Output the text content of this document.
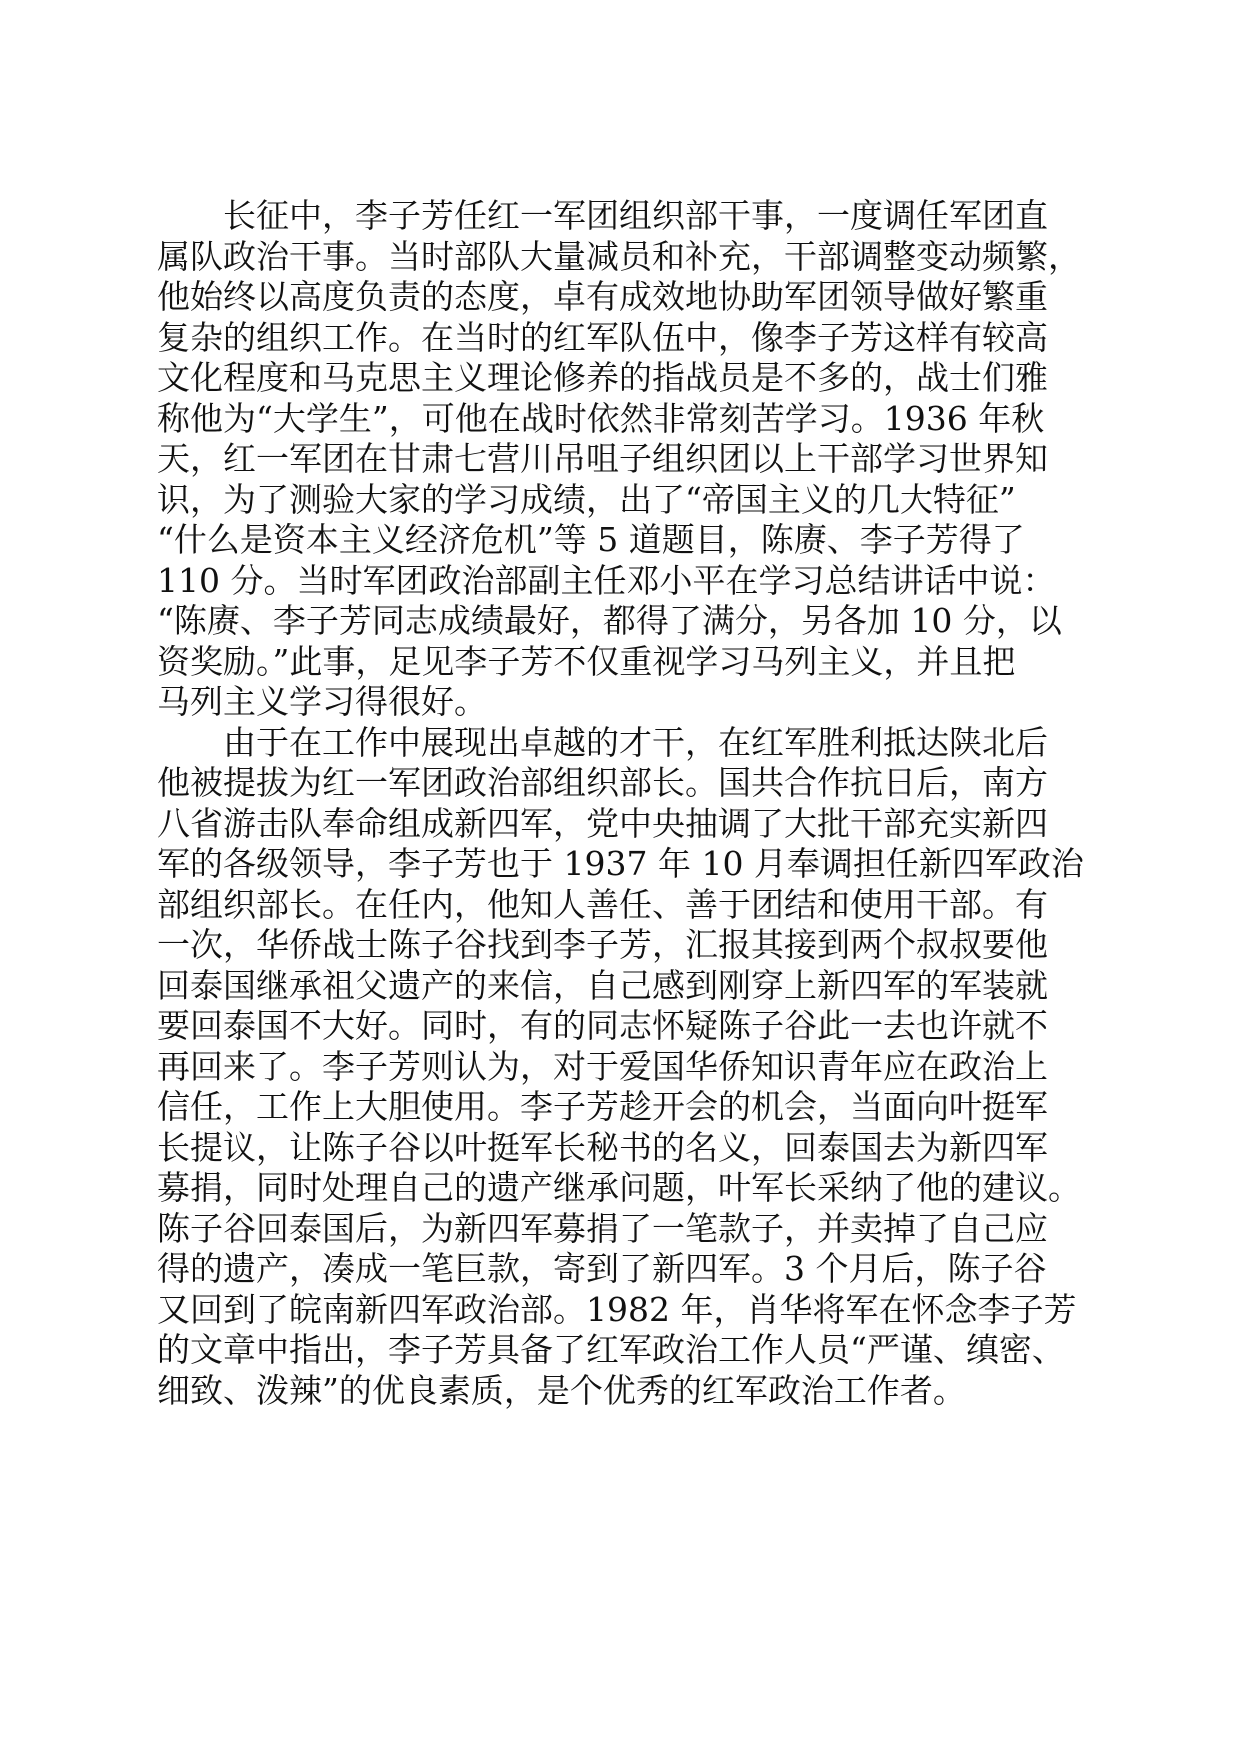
长征中，李子芳任红一军团组织部干事，一度调任军团直
属队政治干事。当时部队大量减员和补充，干部调整变动频繁，
他始终以高度负责的态度，卓有成效地协助军团领导做好繁重
复杂的组织工作。在当时的红军队伍中，像李子芳这样有较高
文化程度和马克思主义理论修养的指战员是不多的，战士们雅
称他为“大学生”，可他在战时依然非常刻苦学习。1936 年秋
天，红一军团在甘肃七营川吊咀子组织团以上干部学习世界知
识，为了测验大家的学习成绩，出了“帝国主义的几大特征”
“什么是资本主义经济危机”等 5 道题目，陈赓、李子芳得了
110 分。当时军团政治部副主任邓小平在学习总结讲话中说：
“陈赓、李子芳同志成绩最好，都得了满分，另各加 10 分，以
资奖励。”此事，足见李子芳不仅重视学习马列主义，并且把
马列主义学习得很好。
由于在工作中展现出卓越的才干，在红军胜利抵达陕北后
他被提拔为红一军团政治部组织部长。国共合作抗日后，南方
八省游击队奉命组成新四军，党中央抽调了大批干部充实新四
军的各级领导，李子芳也于 1937 年 10 月奉调担任新四军政治
部组织部长。在任内，他知人善任、善于团结和使用干部。有
一次，华侨战士陈子谷找到李子芳，汇报其接到两个叔叔要他
回泰国继承祖父遗产的来信，自己感到刚穿上新四军的军装就
要回泰国不大好。同时，有的同志怀疑陈子谷此一去也许就不
再回来了。李子芳则认为，对于爱国华侨知识青年应在政治上
信任，工作上大胆使用。李子芳趁开会的机会，当面向叶挺军
长提议，让陈子谷以叶挺军长秘书的名义，回泰国去为新四军
募捐，同时处理自己的遗产继承问题，叶军长采纳了他的建议。
陈子谷回泰国后，为新四军募捐了一笔款子，并卖掉了自己应
得的遗产，凑成一笔巨款，寄到了新四军。3 个月后，陈子谷
又回到了皖南新四军政治部。1982 年，肖华将军在怀念李子芳
的文章中指出，李子芳具备了红军政治工作人员“严谨、缜密、
细致、泼辣”的优良素质，是个优秀的红军政治工作者。
